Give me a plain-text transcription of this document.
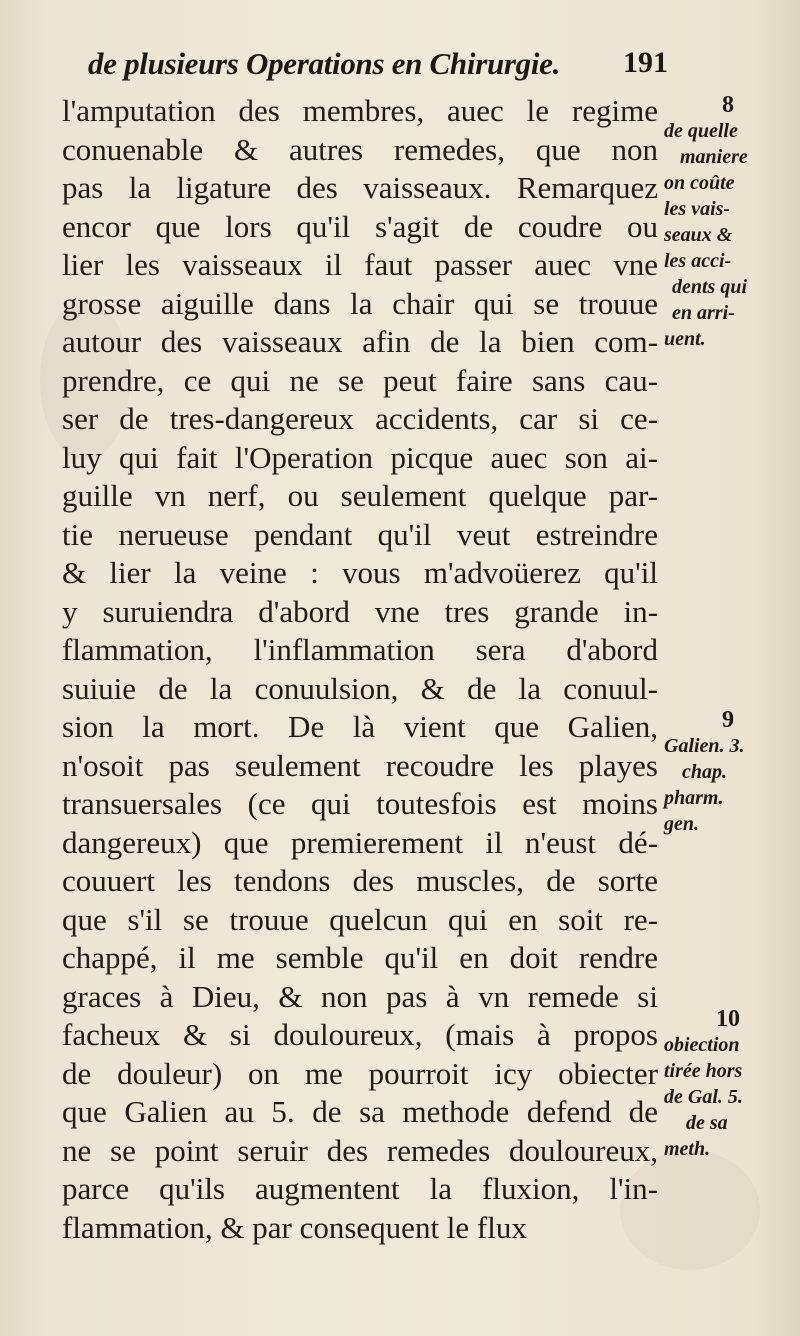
de plusieurs Operations en Chirurgie. 191
l'amputation des membres, auec le regime
conuenable & autres remedes, que non
pas la ligature des vaisseaux. Remarquez
encor que lors qu'il s'agit de coudre ou
lier les vaisseaux il faut passer auec vne
grosse aiguille dans la chair qui se trouue
autour des vaisseaux afin de la bien com-
prendre, ce qui ne se peut faire sans cau-
ser de tres-dangereux accidents, car si ce-
luy qui fait l'Operation picque auec son ai-
guille vn nerf, ou seulement quelque par-
tie nerueuse pendant qu'il veut estreindre
& lier la veine : vous m'advoüerez qu'il
y suruiendra d'abord vne tres grande in-
flammation, l'inflammation sera d'abord
suiuie de la conuulsion, & de la conuul-
sion la mort. De là vient que Galien,
n'osoit pas seulement recoudre les playes
transuersales (ce qui toutesfois est moins
dangereux) que premierement il n'eust dé-
couuert les tendons des muscles, de sorte
que s'il se trouue quelcun qui en soit re-
chappé, il me semble qu'il en doit rendre
graces à Dieu, & non pas à vn remede si
facheux & si douloureux, (mais à propos
de douleur) on me pourroit icy obiecter
que Galien au 5. de sa methode defend de
ne se point seruir des remedes douloureux,
parce qu'ils augmentent la fluxion, l'in-
flammation, & par consequent le flux
8
de quelle
maniere
on coûte
les vais-
seaux &
les acci-
dents qui
en arri-
uent.
9
Galien. 3.
chap.
pharm.
gen.
10
obiection
tirée hors
de Gal. 5.
de sa
meth.
